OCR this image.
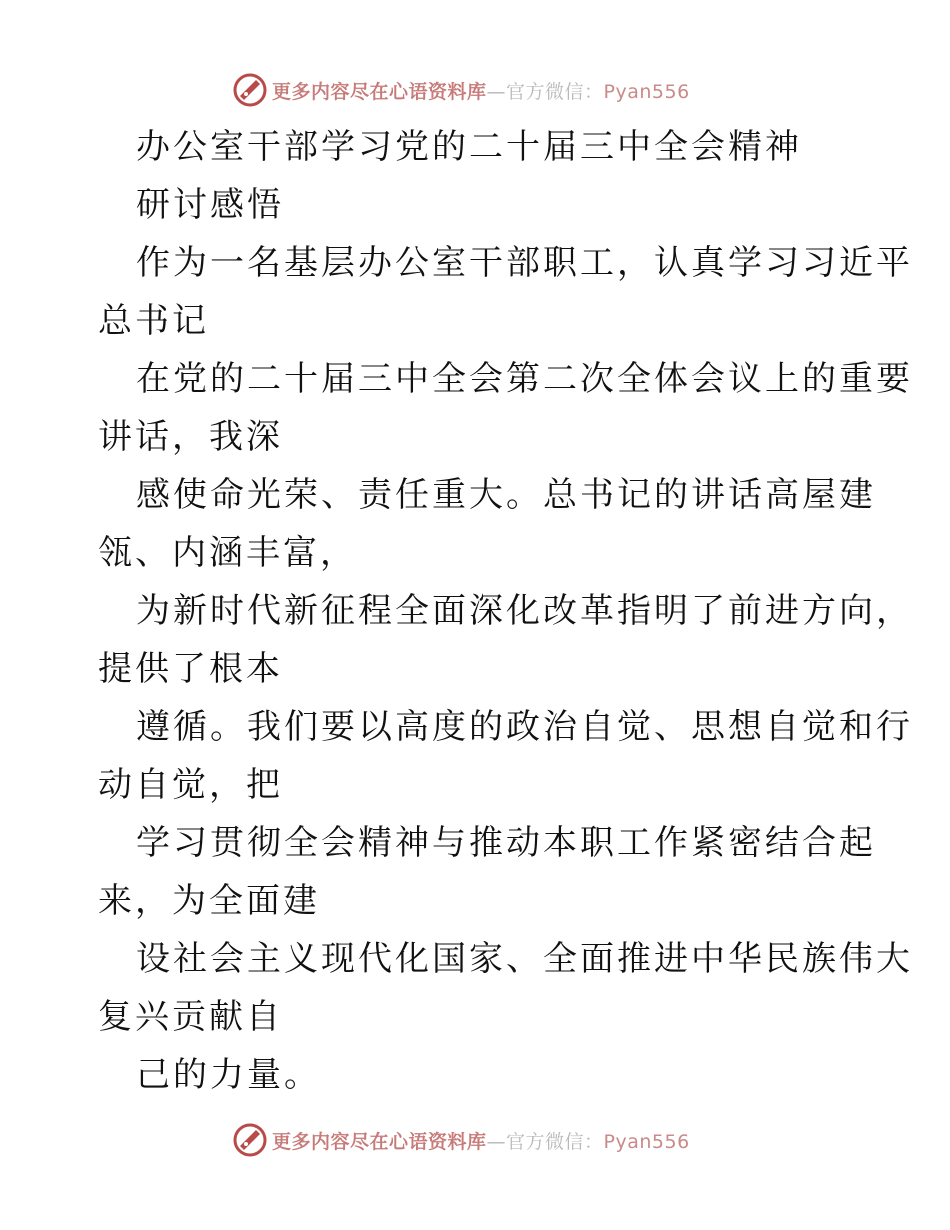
更多内容尽在心语资料库—官方微信：Pyan556
办公室干部学习党的二十届三中全会精神
研讨感悟
作为一名基层办公室干部职工，认真学习习近平
总书记
在党的二十届三中全会第二次全体会议上的重要
讲话，我深
感使命光荣、责任重大。总书记的讲话高屋建
瓴、内涵丰富，
为新时代新征程全面深化改革指明了前进方向，
提供了根本
遵循。我们要以高度的政治自觉、思想自觉和行
动自觉，把
学习贯彻全会精神与推动本职工作紧密结合起
来，为全面建
设社会主义现代化国家、全面推进中华民族伟大
复兴贡献自
己的力量。
更多内容尽在心语资料库—官方微信：Pyan556
